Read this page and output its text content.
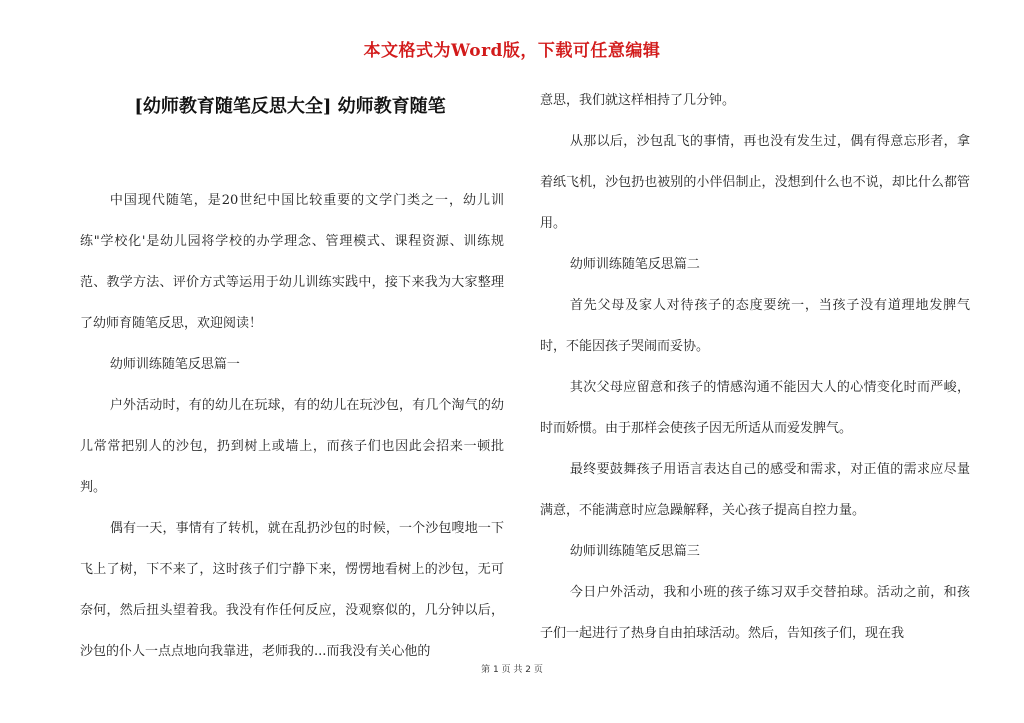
本文格式为Word版，下载可任意编辑
[幼师教育随笔反思大全] 幼师教育随笔

中国现代随笔，是20世纪中国比较重要的文学门类之一，幼儿训练"学校化'是幼儿园将学校的办学理念、管理模式、课程资源、训练规范、教学方法、评价方式等运用于幼儿训练实践中，接下来我为大家整理了幼师育随笔反思，欢迎阅读！

幼师训练随笔反思篇一

户外活动时，有的幼儿在玩球，有的幼儿在玩沙包，有几个淘气的幼儿常常把别人的沙包，扔到树上或墙上，而孩子们也因此会招来一顿批判。

偶有一天，事情有了转机，就在乱扔沙包的时候，一个沙包嗖地一下飞上了树，下不来了，这时孩子们宁静下来，愣愣地看树上的沙包，无可奈何，然后扭头望着我。我没有作任何反应，没观察似的，几分钟以后，沙包的仆人一点点地向我靠进，老师我的...而我没有关心他的

意思，我们就这样相持了几分钟。

从那以后，沙包乱飞的事情，再也没有发生过，偶有得意忘形者，拿着纸飞机，沙包扔也被别的小伴侣制止，没想到什么也不说，却比什么都管用。

幼师训练随笔反思篇二

首先父母及家人对待孩子的态度要统一，当孩子没有道理地发脾气时，不能因孩子哭闹而妥协。

其次父母应留意和孩子的情感沟通不能因大人的心情变化时而严峻，时而娇惯。由于那样会使孩子因无所适从而爱发脾气。

最终要鼓舞孩子用语言表达自己的感受和需求，对正值的需求应尽量满意，不能满意时应急躁解释，关心孩子提高自控力量。

幼师训练随笔反思篇三

今日户外活动，我和小班的孩子练习双手交替拍球。活动之前，和孩子们一起进行了热身自由拍球活动。然后，告知孩子们，现在我

第 1 页 共 2 页
